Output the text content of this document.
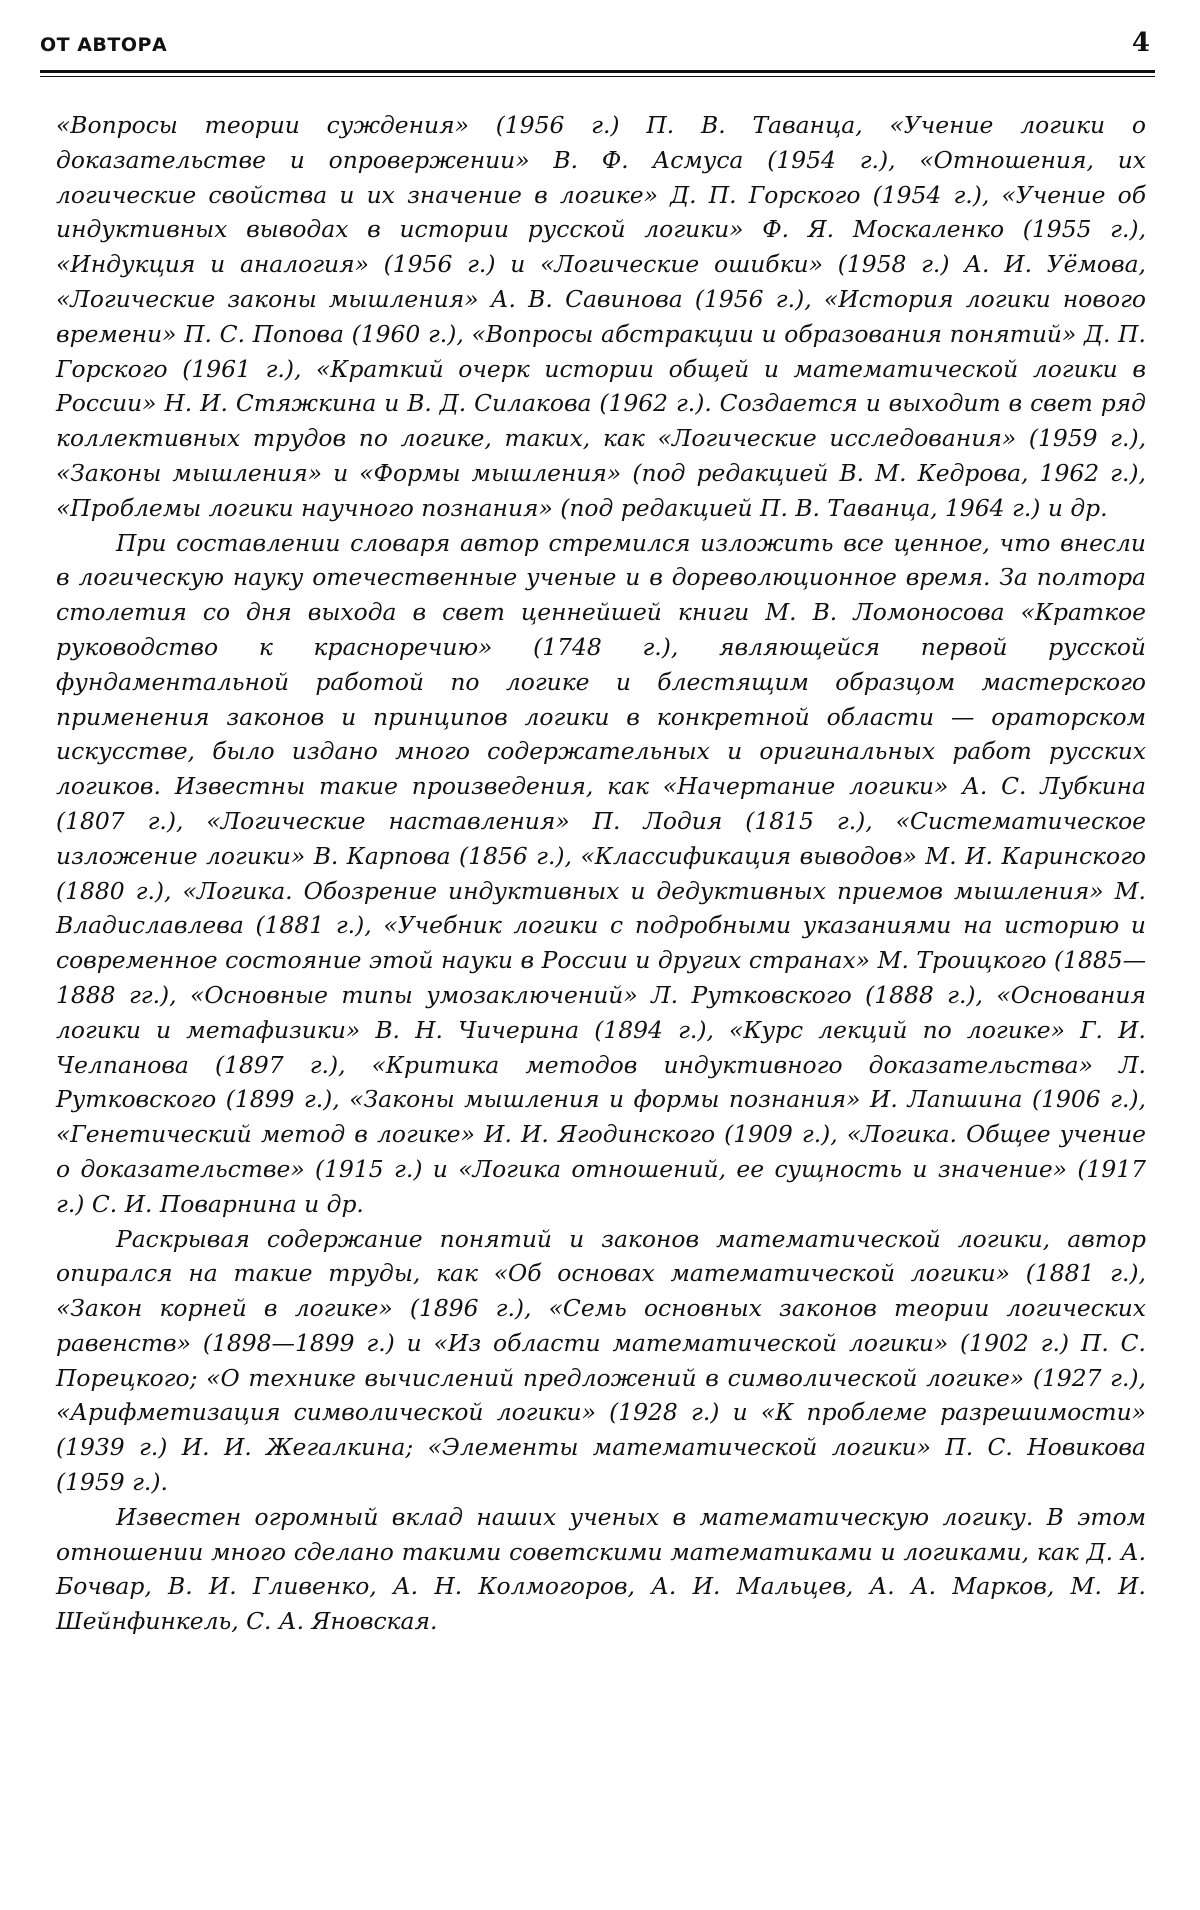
ОТ АВТОРА	4

«Вопросы теории суждения» (1956 г.) П. В. Таванца, «Учение логики о доказательстве и опровержении» В. Ф. Асмуса (1954 г.), «Отношения, их логические свойства и их значение в логике» Д. П. Горского (1954 г.), «Учение об индуктивных выводах в истории русской логики» Ф. Я. Москаленко (1955 г.), «Индукция и аналогия» (1956 г.) и «Логические ошибки» (1958 г.) А. И. Уёмова, «Логические законы мышления» А. В. Савинова (1956 г.), «История логики нового времени» П. С. Попова (1960 г.), «Вопросы абстракции и образования понятий» Д. П. Горского (1961 г.), «Краткий очерк истории общей и математической логики в России» Н. И. Стяжкина и В. Д. Силакова (1962 г.). Создается и выходит в свет ряд коллективных трудов по логике, таких, как «Логические исследования» (1959 г.), «Законы мышления» и «Формы мышления» (под редакцией В. М. Кедрова, 1962 г.), «Проблемы логики научного познания» (под редакцией П. В. Таванца, 1964 г.) и др.

При составлении словаря автор стремился изложить все ценное, что внесли в логическую науку отечественные ученые и в дореволюционное время. За полтора столетия со дня выхода в свет ценнейшей книги М. В. Ломоносова «Краткое руководство к красноречию» (1748 г.), являющейся первой русской фундаментальной работой по логике и блестящим образцом мастерского применения законов и принципов логики в конкретной области — ораторском искусстве, было издано много содержательных и оригинальных работ русских логиков. Известны такие произведения, как «Начертание логики» А. С. Лубкина (1807 г.), «Логические наставления» П. Лодия (1815 г.), «Систематическое изложение логики» В. Карпова (1856 г.), «Классификация выводов» М. И. Каринского (1880 г.), «Логика. Обозрение индуктивных и дедуктивных приемов мышления» М. Владиславлева (1881 г.), «Учебник логики с подробными указаниями на историю и современное состояние этой науки в России и других странах» М. Троицкого (1885—1888 гг.), «Основные типы умозаключений» Л. Рутковского (1888 г.), «Основания логики и метафизики» В. Н. Чичерина (1894 г.), «Курс лекций по логике» Г. И. Челпанова (1897 г.), «Критика методов индуктивного доказательства» Л. Рутковского (1899 г.), «Законы мышления и формы познания» И. Лапшина (1906 г.), «Генетический метод в логике» И. И. Ягодинского (1909 г.), «Логика. Общее учение о доказательстве» (1915 г.) и «Логика отношений, ее сущность и значение» (1917 г.) С. И. Поварнина и др.

Раскрывая содержание понятий и законов математической логики, автор опирался на такие труды, как «Об основах математической логики» (1881 г.), «Закон корней в логике» (1896 г.), «Семь основных законов теории логических равенств» (1898—1899 г.) и «Из области математической логики» (1902 г.) П. С. Порецкого; «О технике вычислений предложений в символической логике» (1927 г.), «Арифметизация символической логики» (1928 г.) и «К проблеме разрешимости» (1939 г.) И. И. Жегалкина; «Элементы математической логики» П. С. Новикова (1959 г.).

Известен огромный вклад наших ученых в математическую логику. В этом отношении много сделано такими советскими математиками и логиками, как Д. А. Бочвар, В. И. Гливенко, А. Н. Колмогоров, А. И. Мальцев, А. А. Марков, М. И. Шейнфинкель, С. А. Яновская.
